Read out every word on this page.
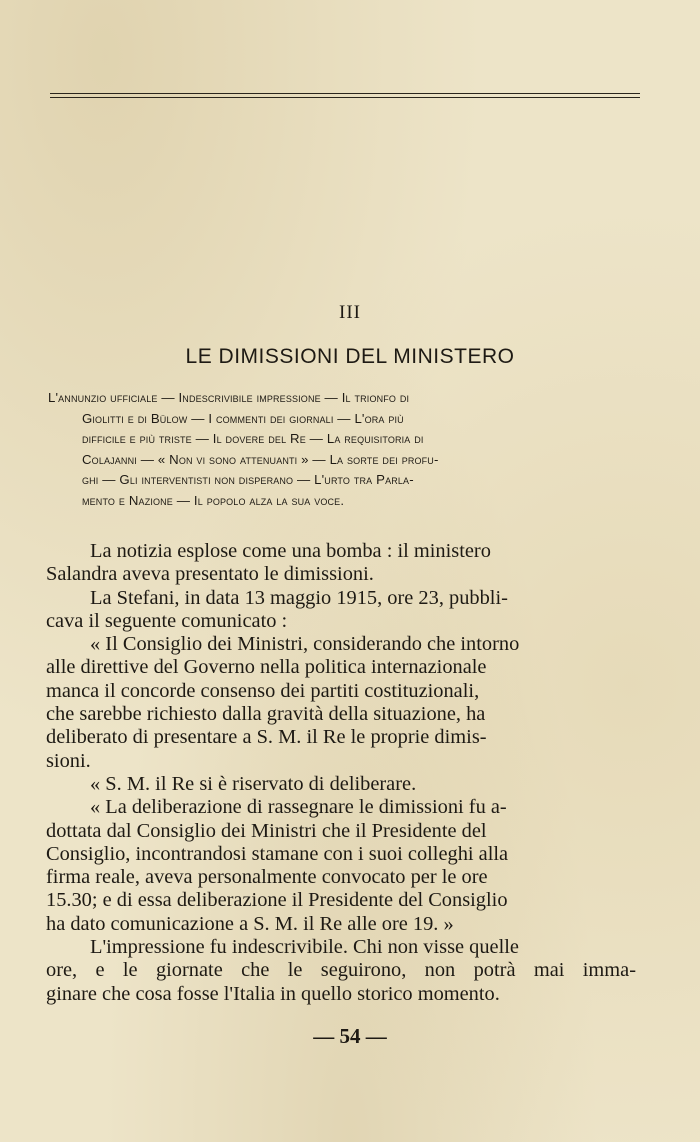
III
LE DIMISSIONI DEL MINISTERO
L'annunzio ufficiale — Indescrivibile impressione — Il trionfo di
Giolitti e di Bülow — I commenti dei giornali — L'ora più
difficile e più triste — Il dovere del Re — La requisitoria di
Colajanni — « Non vi sono attenuanti » — La sorte dei profu-
ghi — Gli interventisti non disperano — L'urto tra Parla-
mento e Nazione — Il popolo alza la sua voce.
La notizia esplose come una bomba : il ministero
Salandra aveva presentato le dimissioni.
La Stefani, in data 13 maggio 1915, ore 23, pubbli-
cava il seguente comunicato :
« Il Consiglio dei Ministri, considerando che intorno
alle direttive del Governo nella politica internazionale
manca il concorde consenso dei partiti costituzionali,
che sarebbe richiesto dalla gravità della situazione, ha
deliberato di presentare a S. M. il Re le proprie dimis-
sioni.
« S. M. il Re si è riservato di deliberare.
« La deliberazione di rassegnare le dimissioni fu a-
dottata dal Consiglio dei Ministri che il Presidente del
Consiglio, incontrandosi stamane con i suoi colleghi alla
firma reale, aveva personalmente convocato per le ore
15.30; e di essa deliberazione il Presidente del Consiglio
ha dato comunicazione a S. M. il Re alle ore 19. »
L'impressione fu indescrivibile. Chi non visse quelle
ore, e le giornate che le seguirono, non potrà mai imma-
ginare che cosa fosse l'Italia in quello storico momento.
— 54 —
